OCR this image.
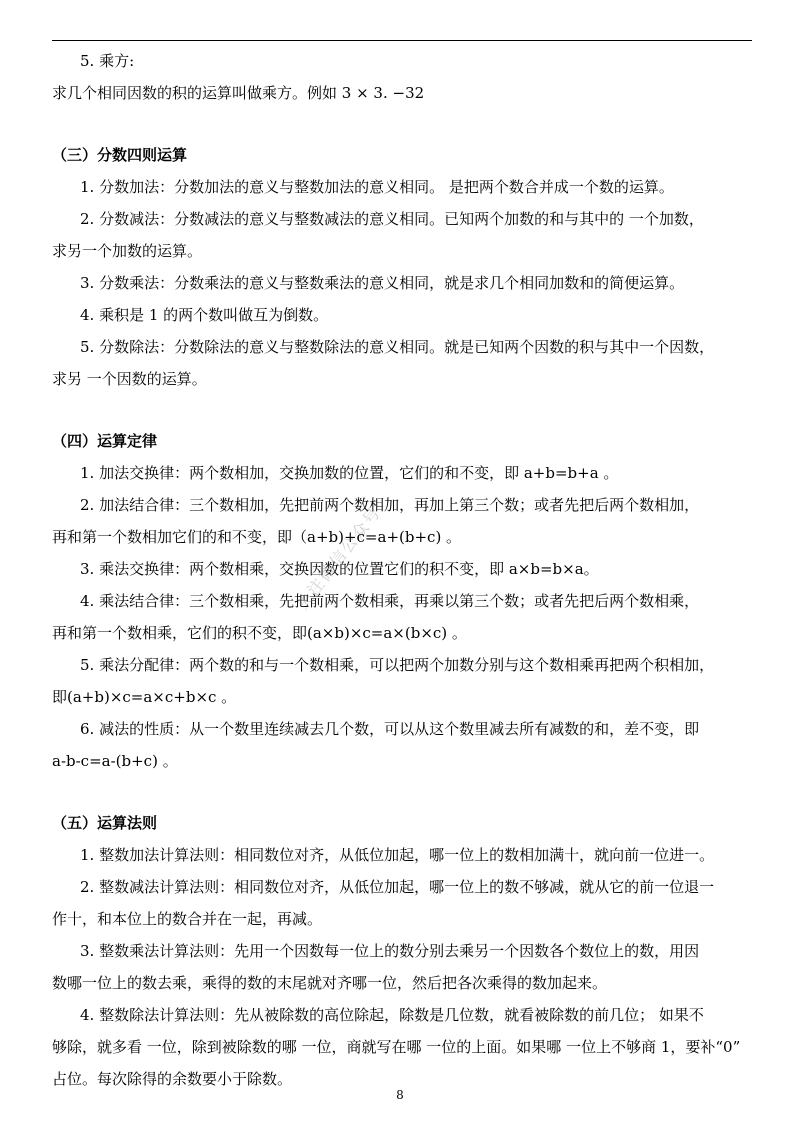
5. 乘方:
求几个相同因数的积的运算叫做乘方。例如 3 × 3. −32
（三）分数四则运算
1. 分数加法：分数加法的意义与整数加法的意义相同。 是把两个数合并成一个数的运算。
2. 分数减法：分数减法的意义与整数减法的意义相同。已知两个加数的和与其中的 一个加数，
求另一个加数的运算。
3. 分数乘法：分数乘法的意义与整数乘法的意义相同，就是求几个相同加数和的简便运算。
4. 乘积是 1 的两个数叫做互为倒数。
5. 分数除法：分数除法的意义与整数除法的意义相同。就是已知两个因数的积与其中一个因数，
求另 一个因数的运算。
（四）运算定律
1. 加法交换律：两个数相加，交换加数的位置，它们的和不变，即 a+b=b+a 。
2. 加法结合律：三个数相加，先把前两个数相加，再加上第三个数；或者先把后两个数相加，
再和第一个数相加它们的和不变，即（a+b)+c=a+(b+c) 。
3. 乘法交换律：两个数相乘，交换因数的位置它们的积不变，即 a×b=b×a。
4. 乘法结合律：三个数相乘，先把前两个数相乘，再乘以第三个数；或者先把后两个数相乘，
再和第一个数相乘，它们的积不变，即(a×b)×c=a×(b×c) 。
5. 乘法分配律：两个数的和与一个数相乘，可以把两个加数分别与这个数相乘再把两个积相加，
即(a+b)×c=a×c+b×c 。
6. 减法的性质：从一个数里连续减去几个数，可以从这个数里减去所有减数的和，差不变，即
a-b-c=a-(b+c) 。
（五）运算法则
1. 整数加法计算法则：相同数位对齐，从低位加起，哪一位上的数相加满十，就向前一位进一。
2. 整数减法计算法则：相同数位对齐，从低位加起，哪一位上的数不够减，就从它的前一位退一
作十，和本位上的数合并在一起，再减。
3. 整数乘法计算法则：先用一个因数每一位上的数分别去乘另一个因数各个数位上的数，用因
数哪一位上的数去乘，乘得的数的末尾就对齐哪一位，然后把各次乘得的数加起来。
4. 整数除法计算法则：先从被除数的高位除起，除数是几位数，就看被除数的前几位； 如果不
够除，就多看 一位，除到被除数的哪 一位，商就写在哪 一位的上面。如果哪 一位上不够商 1，要补“0”
占位。每次除得的余数要小于除数。
关注微信公众号
8
